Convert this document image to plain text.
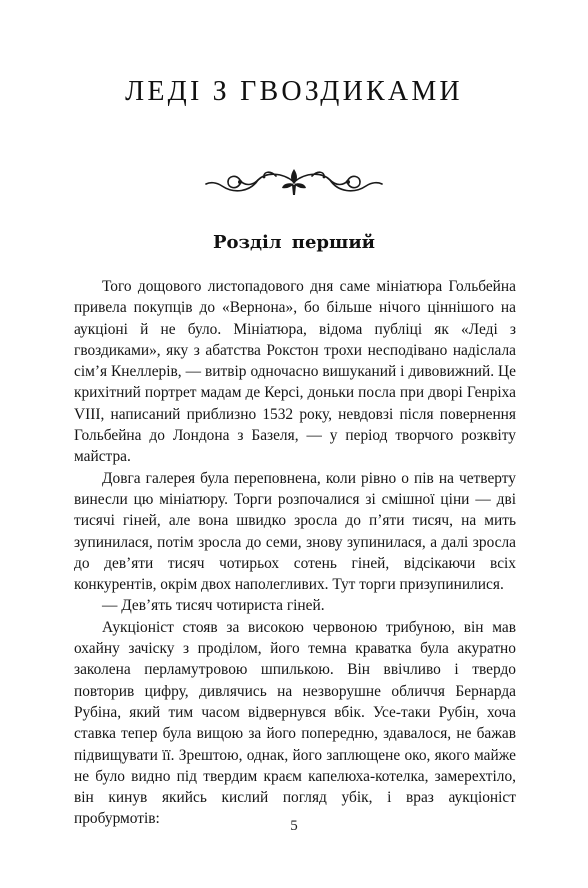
ЛЕДІ З ГВОЗДИКАМИ
Розділ перший

Того дощового листопадового дня саме мініатюра Гольбейна привела покупців до «Вернона», бо більше нічого ціннішого на аукціоні й не було. Мініатюра, відома публіці як «Леді з гвоздиками», яку з абатства Рокстон трохи несподівано надіслала сім’я Кнеллерів, — витвір одночасно вишуканий і дивовижний. Це крихітний портрет мадам де Керсі, доньки посла при дворі Генріха VIII, написаний приблизно 1532 року, невдовзі після повернення Гольбейна до Лондона з Базеля, — у період творчого розквіту майстра.

Довга галерея була переповнена, коли рівно о пів на четверту винесли цю мініатюру. Торги розпочалися зі смішної ціни — дві тисячі гіней, але вона швидко зросла до п’яти тисяч, на мить зупинилася, потім зросла до семи, знову зупинилася, а далі зросла до дев’яти тисяч чотирьох сотень гіней, відсікаючи всіх конкурентів, окрім двох наполегливих. Тут торги призупинилися.

— Дев’ять тисяч чотириста гіней.

Аукціоніст стояв за високою червоною трибуною, він мав охайну зачіску з проділом, його темна краватка була акуратно заколена перламутровою шпилькою. Він ввічливо і твердо повторив цифру, дивлячись на незворушне обличчя Бернарда Рубіна, який тим часом відвернувся вбік. Усе-таки Рубін, хоча ставка тепер була вищою за його попередню, здавалося, не бажав підвищувати її. Зрештою, однак, його заплющене око, якого майже не було видно під твердим краєм капелюха-котелка, замерехтіло, він кинув якийсь кислий погляд убік, і враз аукціоніст пробурмотів:	5
